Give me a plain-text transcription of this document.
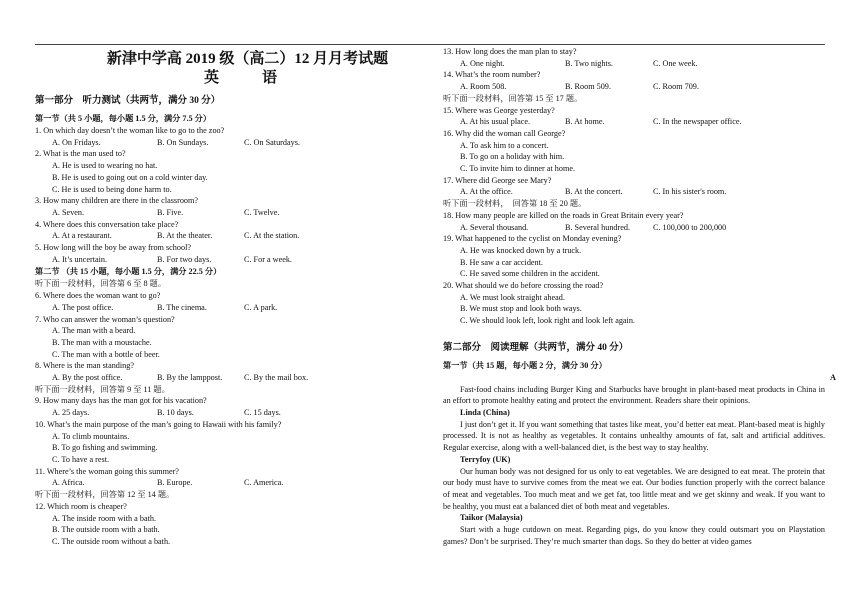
新津中学高 2019 级（高二）12 月月考试题
英　语
第一部分　听力测试（共两节，满分 30 分）
第一节（共 5 小题，每小题 1.5 分，满分 7.5 分）
1. On which day doesn’t the woman like to go to the zoo?
A. On Fridays.	B. On Sundays.	C. On Saturdays.
2. What is the man used to?
A. He is used to wearing no hat.
B. He is used to going out on a cold winter day.
C. He is used to being done harm to.
3. How many children are there in the classroom?
A. Seven.	B. Five.	C. Twelve.
4. Where does this conversation take place?
A. At a restaurant.	B. At the theater.	C. At the station.
5. How long will the boy be away from school?
A. It’s uncertain.	B. For two days.	C. For a week.
第二节 （共 15 小题，每小题 1.5 分，满分 22.5 分）
听下面一段材料，回答第 6 至 8 题。
6. Where does the woman want to go?
A. The post office.	B. The cinema.	C. A park.
7. Who can answer the woman’s question?
A. The man with a beard.
B. The man with a moustache.
C. The man with a bottle of beer.
8. Where is the man standing?
A. By the post office.	B. By the lamppost.	C. By the mail box.
听下面一段材料，回答第 9 至 11 题。
9. How many days has the man got for his vacation?
A. 25 days.	B. 10 days.	C. 15 days.
10. What’s the main purpose of the man’s going to Hawaii with his family?
A. To climb mountains.
B. To go fishing and swimming.
C. To have a rest.
11. Where’s the woman going this summer?
A. Africa.	B. Europe.	C. America.
听下面一段材料，回答第 12 至 14 题。
12. Which room is cheaper?
A. The inside room with a bath.
B. The outside room with a bath.
C. The outside room without a bath.
13. How long does the man plan to stay?
A. One night.	B. Two nights.	C. One week.
14. What’s the room number?
A. Room 508.	B. Room 509.	C. Room 709.
听下面一段材料，回答第 15 至 17 题。
15. Where was George yesterday?
A. At his usual place.	B. At home.	C. In the newspaper office.
16. Why did the woman call George?
A. To ask him to a concert.
B. To go on a holiday with him.
C. To invite him to dinner at home.
17. Where did George see Mary?
A. At the office.	B. At the concert.	C. In his sister's room.
听下面一段材料，　回答第 18 至 20 题。
18. How many people are killed on the roads in Great Britain every year?
A. Several thousand.	B. Several hundred.	C. 100,000 to 200,000
19. What happened to the cyclist on Monday evening?
A. He was knocked down by a truck.
B. He saw a car accident.
C. He saved some children in the accident.
20. What should we do before crossing the road?
A. We must look straight ahead.
B. We must stop and look both ways.
C. We should look left, look right and look left again.
第二部分　阅读理解（共两节，满分 40 分）
第一节（共 15 题，每小题 2 分，满分 30 分）
A
Fast-food chains including Burger King and Starbucks have brought in plant-based meat products in China in an effort to promote healthy eating and protect the environment. Readers share their opinions.
Linda (China)
I just don’t get it. If you want something that tastes like meat, you’d better eat meat. Plant-based meat is highly processed. It is not as healthy as vegetables. It contains unhealthy amounts of fat, salt and artificial additives. Regular exercise, along with a well-balanced diet, is the best way to stay healthy.
Terryfoy (UK)
Our human body was not designed for us only to eat vegetables. We are designed to eat meat. The protein that our body must have to survive comes from the meat we eat. Our bodies function properly with the correct balance of meat and vegetables. Too much meat and we get fat, too little meat and we get skinny and weak. If you want to be healthy, you must eat a balanced diet of both meat and vegetables.
Taikor (Malaysia)
Start with a huge cutdown on meat. Regarding pigs, do you know they could outsmart you on Playstation games? Don’t be surprised. They’re much smarter than dogs. So they do better at video games
